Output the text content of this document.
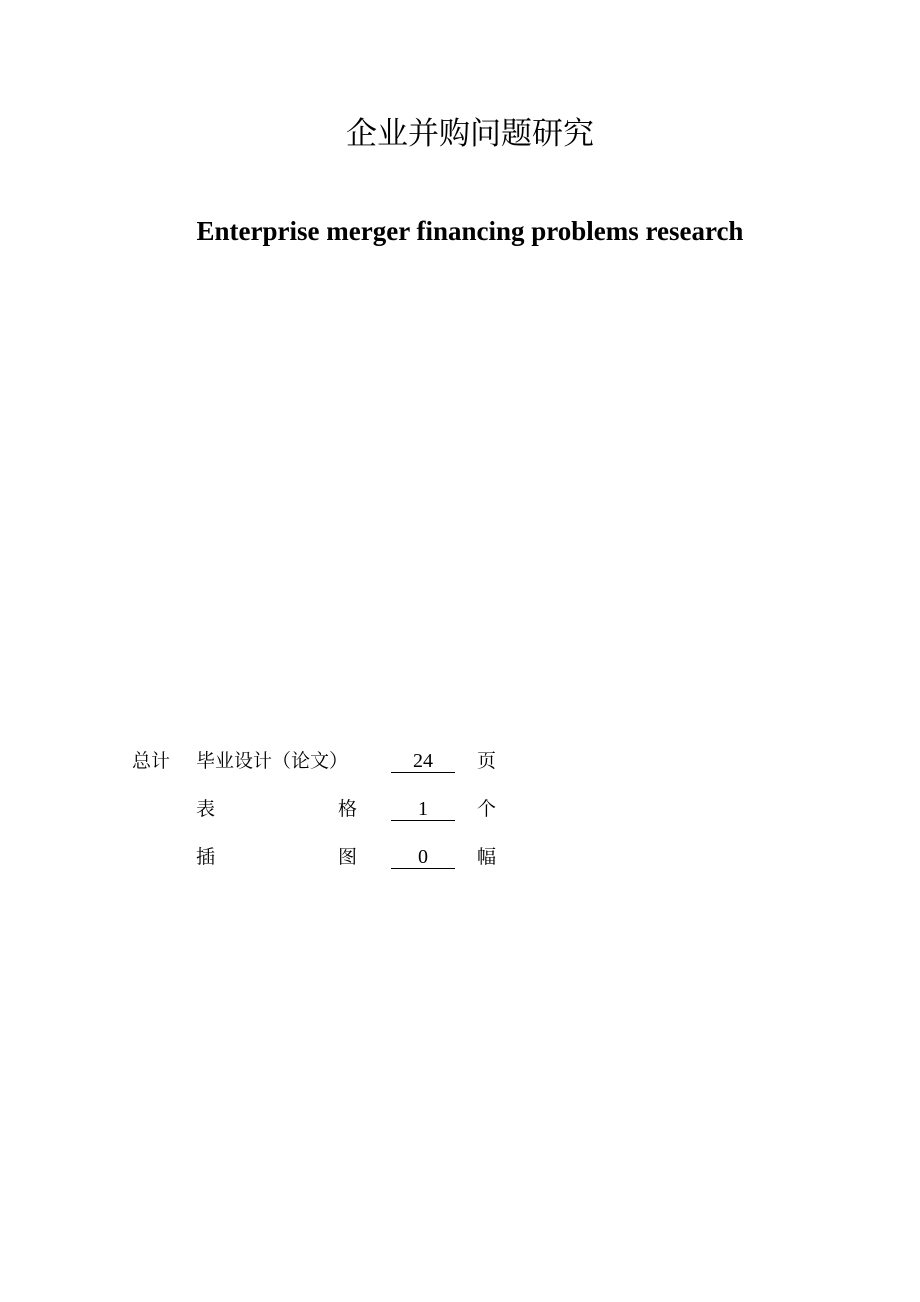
企业并购问题研究
Enterprise merger financing problems research
总计 毕业设计（论文）	24	页
表	格	1	个
插	图	0	幅
